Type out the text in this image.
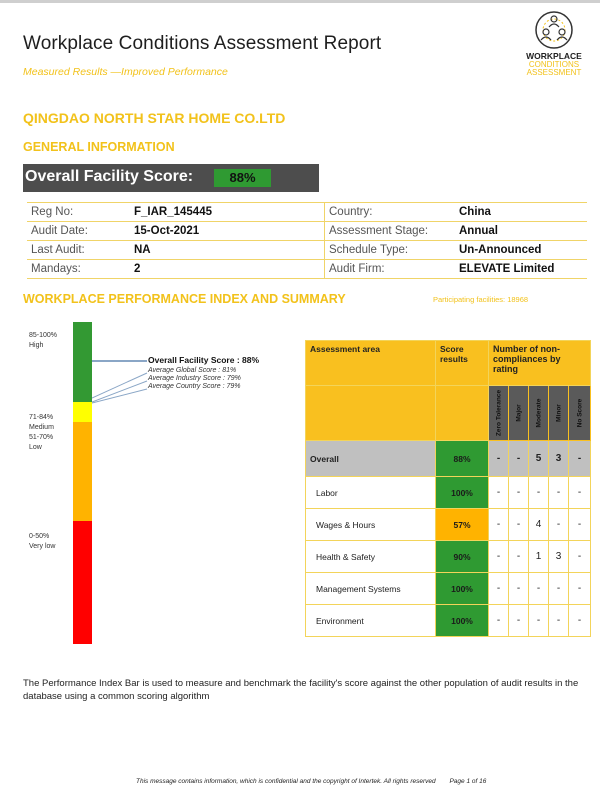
Workplace Conditions Assessment Report
Measured Results —Improved Performance
WORKPLACE
CONDITIONS
ASSESSMENT
QINGDAO NORTH STAR HOME CO.LTD
GENERAL INFORMATION
Overall Facility Score:	88%
Reg No:	F_IAR_145445	Country:	China
Audit Date:	15-Oct-2021	Assessment Stage:	Annual
Last Audit:	NA	Schedule Type:	Un-Announced
Mandays:	2	Audit Firm:	ELEVATE Limited
WORKPLACE PERFORMANCE INDEX AND SUMMARY	Participating facilities: 18968
85-100%
High
71-84%
Medium
51-70%
Low
0-50%
Very low
Overall Facility Score : 88%
Average Global Score : 81%
Average Industry Score : 79%
Average Country Score : 79%
Assessment area	Score results	Number of non-compliances by rating				

		Zero Tolerance	Major	Moderate	Minor	No Score

Overall	88%	-	-	5	3	-
Labor	100%	-	-	-	-	-
Wages & Hours	57%	-	-	4	-	-
Health & Safety	90%	-	-	1	3	-
Management Systems	100%	-	-	-	-	-
Environment	100%	-	-	-	-	-
The Performance Index Bar is used to measure and benchmark the facility's score against the other population of audit results in the database using a common scoring algorithm
This message contains information, which is confidential and the copyright of Intertek. All rights reserved Page 1 of 16
